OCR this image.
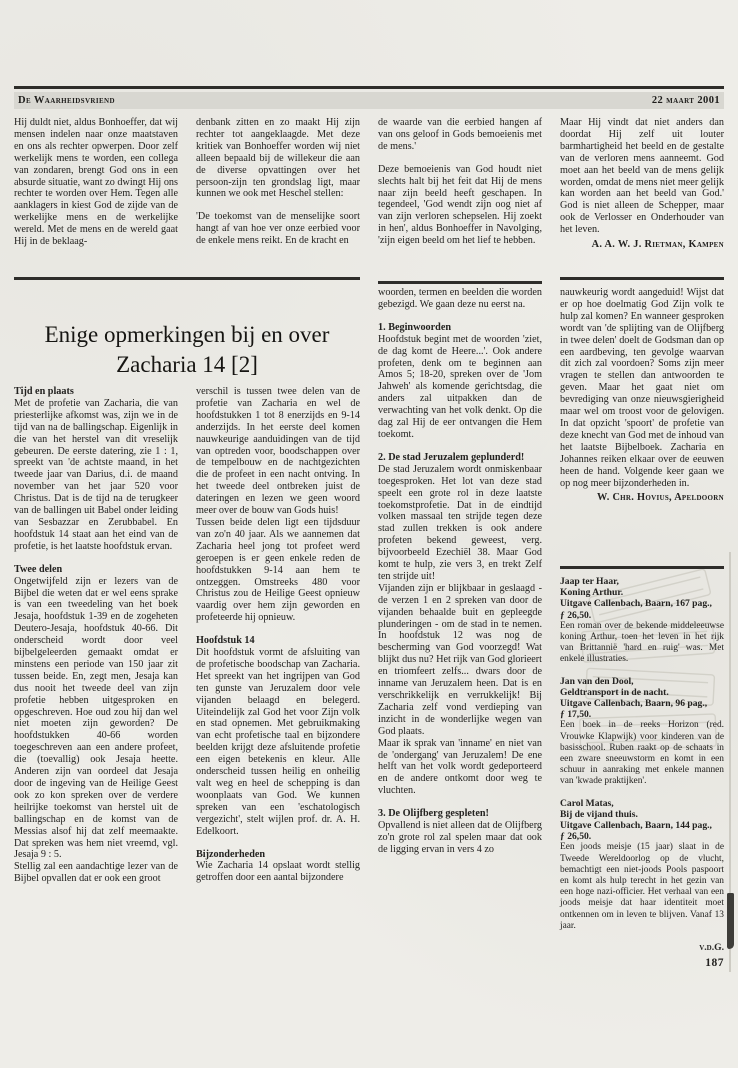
De Waarheidsvriend	22 maart 2001

Hij duldt niet, aldus Bonhoeffer, dat wij mensen indelen naar onze maatstaven en ons als rechter opwerpen. Door zelf werkelijk mens te worden, een collega van zondaren, brengt God ons in een absurde situatie, want zo dwingt Hij ons rechter te worden over Hem. Tegen alle aanklagers in kiest God de zijde van de werkelijke mens en de werkelijke wereld. Met de mens en de wereld gaat Hij in de beklaag-

denbank zitten en zo maakt Hij zijn rechter tot aangeklaagde. Met deze kritiek van Bonhoeffer worden wij niet alleen bepaald bij de willekeur die aan de diverse opvattingen over het persoon-zijn ten grondslag ligt, maar kunnen we ook met Heschel stellen:

'De toekomst van de menselijke soort hangt af van hoe ver onze eerbied voor de enkele mens reikt. En de kracht en

de waarde van die eerbied hangen af van ons geloof in Gods bemoeienis met de mens.'

Deze bemoeienis van God houdt niet slechts halt bij het feit dat Hij de mens naar zijn beeld heeft geschapen. In tegendeel, 'God wendt zijn oog niet af van zijn verloren schepselen. Hij zoekt in hen', aldus Bonhoeffer in Navolging, 'zijn eigen beeld om het lief te hebben.

Maar Hij vindt dat niet anders dan doordat Hij zelf uit louter barmhartigheid het beeld en de gestalte van de verloren mens aanneemt. God moet aan het beeld van de mens gelijk worden, omdat de mens niet meer gelijk kan worden aan het beeld van God.' God is niet alleen de Schepper, maar ook de Verlosser en Onderhouder van het leven.

A. A. W. J. Rietman, Kampen
Enige opmerkingen bij en over
Zacharia 14 [2]
Tijd en plaats

Met de profetie van Zacharia, die van priesterlijke afkomst was, zijn we in de tijd van na de ballingschap. Eigenlijk in die van het herstel van dit vreselijk gebeuren. De eerste datering, zie 1 : 1, spreekt van 'de achtste maand, in het tweede jaar van Darius, d.i. de maand november van het jaar 520 voor Christus. Dat is de tijd na de terugkeer van de ballingen uit Babel onder leiding van Sesbazzar en Zerubbabel. En hoofdstuk 14 staat aan het eind van de profetie, is het laatste hoofdstuk ervan.

Twee delen

Ongetwijfeld zijn er lezers van de Bijbel die weten dat er wel eens sprake is van een tweedeling van het boek Jesaja, hoofdstuk 1-39 en de zogeheten Deutero-Jesaja, hoofdstuk 40-66. Dit onderscheid wordt door veel bijbelgeleerden gemaakt omdat er minstens een periode van 150 jaar zit tussen beide. En, zegt men, Jesaja kan dus nooit het tweede deel van zijn profetie hebben uitgesproken en opgeschreven. Hoe oud zou hij dan wel niet moeten zijn geworden? De hoofdstukken 40-66 worden toegeschreven aan een andere profeet, die (toevallig) ook Jesaja heette. Anderen zijn van oordeel dat Jesaja door de ingeving van de Heilige Geest ook zo kon spreken over de verdere heilrijke toekomst van herstel uit de ballingschap en de komst van de Messias alsof hij dat zelf meemaakte. Dat spreken was hem niet vreemd, vgl. Jesaja 9 : 5.

Stellig zal een aandachtige lezer van de Bijbel opvallen dat er ook een groot

verschil is tussen twee delen van de profetie van Zacharia en wel de hoofdstukken 1 tot 8 enerzijds en 9-14 anderzijds. In het eerste deel komen nauwkeurige aanduidingen van de tijd van optreden voor, boodschappen over de tempelbouw en de nachtgezichten die de profeet in een nacht ontving. In het tweede deel ontbreken juist de dateringen en lezen we geen woord meer over de bouw van Gods huis!

Tussen beide delen ligt een tijdsduur van zo'n 40 jaar. Als we aannemen dat Zacharia heel jong tot profeet werd geroepen is er geen enkele reden de hoofdstukken 9-14 aan hem te ontzeggen. Omstreeks 480 voor Christus zou de Heilige Geest opnieuw vaardig over hem zijn geworden en profeteerde hij opnieuw.

Hoofdstuk 14

Dit hoofdstuk vormt de afsluiting van de profetische boodschap van Zacharia. Het spreekt van het ingrijpen van God ten gunste van Jeruzalem door vele vijanden belaagd en belegerd. Uiteindelijk zal God het voor Zijn volk en stad opnemen. Met gebruikmaking van echt profetische taal en bijzondere beelden krijgt deze afsluitende profetie een eigen betekenis en kleur. Alle onderscheid tussen heilig en onheilig valt weg en heel de schepping is dan woonplaats van God. We kunnen spreken van een 'eschatologisch vergezicht', stelt wijlen prof. dr. A. H. Edelkoort.

Bijzonderheden

Wie Zacharia 14 opslaat wordt stellig getroffen door een aantal bijzondere

woorden, termen en beelden die worden gebezigd. We gaan deze nu eerst na.

1. Beginwoorden

Hoofdstuk begint met de woorden 'ziet, de dag komt de Heere...'. Ook andere profeten, denk om te beginnen aan Amos 5; 18-20, spreken over de 'Jom Jahweh' als komende gerichtsdag, die anders zal uitpakken dan de verwachting van het volk denkt. Op die dag zal Hij de eer ontvangen die Hem toekomt.

2. De stad Jeruzalem geplunderd!

De stad Jeruzalem wordt onmiskenbaar toegesproken. Het lot van deze stad speelt een grote rol in deze laatste toekomstprofetie. Dat in de eindtijd volken massaal ten strijde tegen deze stad zullen trekken is ook andere profeten bekend geweest, verg. bijvoorbeeld Ezechiël 38. Maar God komt te hulp, zie vers 3, en trekt Zelf ten strijde uit!

Vijanden zijn er blijkbaar in geslaagd - de verzen 1 en 2 spreken van door de vijanden behaalde buit en gepleegde plunderingen - om de stad in te nemen. In hoofdstuk 12 was nog de bescherming van God voorzegd! Wat blijkt dus nu? Het rijk van God glorieert en triomfeert zelfs... dwars door de inname van Jeruzalem heen. Dat is en verschrikkelijk en verrukkelijk! Bij Zacharia zelf vond verdieping van inzicht in de wonderlijke wegen van God plaats.

Maar ik sprak van 'inname' en niet van de 'ondergang' van Jeruzalem! De ene helft van het volk wordt gedeporteerd en de andere ontkomt door weg te vluchten.

3. De Olijfberg gespleten!

Opvallend is niet alleen dat de Olijfberg zo'n grote rol zal spelen maar dat ook de ligging ervan in vers 4 zo

nauwkeurig wordt aangeduid! Wijst dat er op hoe doelmatig God Zijn volk te hulp zal komen? En wanneer gesproken wordt van 'de splijting van de Olijfberg in twee delen' doelt de Godsman dan op een aardbeving, ten gevolge waarvan dit zich zal voordoen? Soms zijn meer vragen te stellen dan antwoorden te geven. Maar het gaat niet om bevrediging van onze nieuwsgierigheid maar wel om troost voor de gelovigen. In dat opzicht 'spoort' de profetie van deze knecht van God met de inhoud van het laatste Bijbelboek. Zacharia en Johannes reiken elkaar over de eeuwen heen de hand. Volgende keer gaan we op nog meer bijzonderheden in.

W. Chr. Hovius, Apeldoorn
Jaap ter Haar,
Koning Arthur.
Uitgave Callenbach, Baarn, 167 pag.,
ƒ 26,50.

Een roman over de bekende middeleeuwse koning Arthur, toen het leven in het rijk van Brittannië 'hard en ruig' was. Met enkele illustraties.

Jan van den Dool,
Geldtransport in de nacht.
Uitgave Callenbach, Baarn, 96 pag.,
ƒ 17,50.

Een boek in de reeks Horizon (red. Vrouwke Klapwijk) voor kinderen van de basisschool. Ruben raakt op de schaats in een zware sneeuwstorm en komt in een schuur in aanraking met enkele mannen van 'kwade praktijken'.

Carol Matas,
Bij de vijand thuis.
Uitgave Callenbach, Baarn, 144 pag.,
ƒ 26,50.

Een joods meisje (15 jaar) slaat in de Tweede Wereldoorlog op de vlucht, bemachtigt een niet-joods Pools paspoort en komt als hulp terecht in het gezin van een hoge nazi-officier. Het verhaal van een joods meisje dat haar identiteit moet ontkennen om in leven te blijven. Vanaf 13 jaar.

v.d.G.
187
